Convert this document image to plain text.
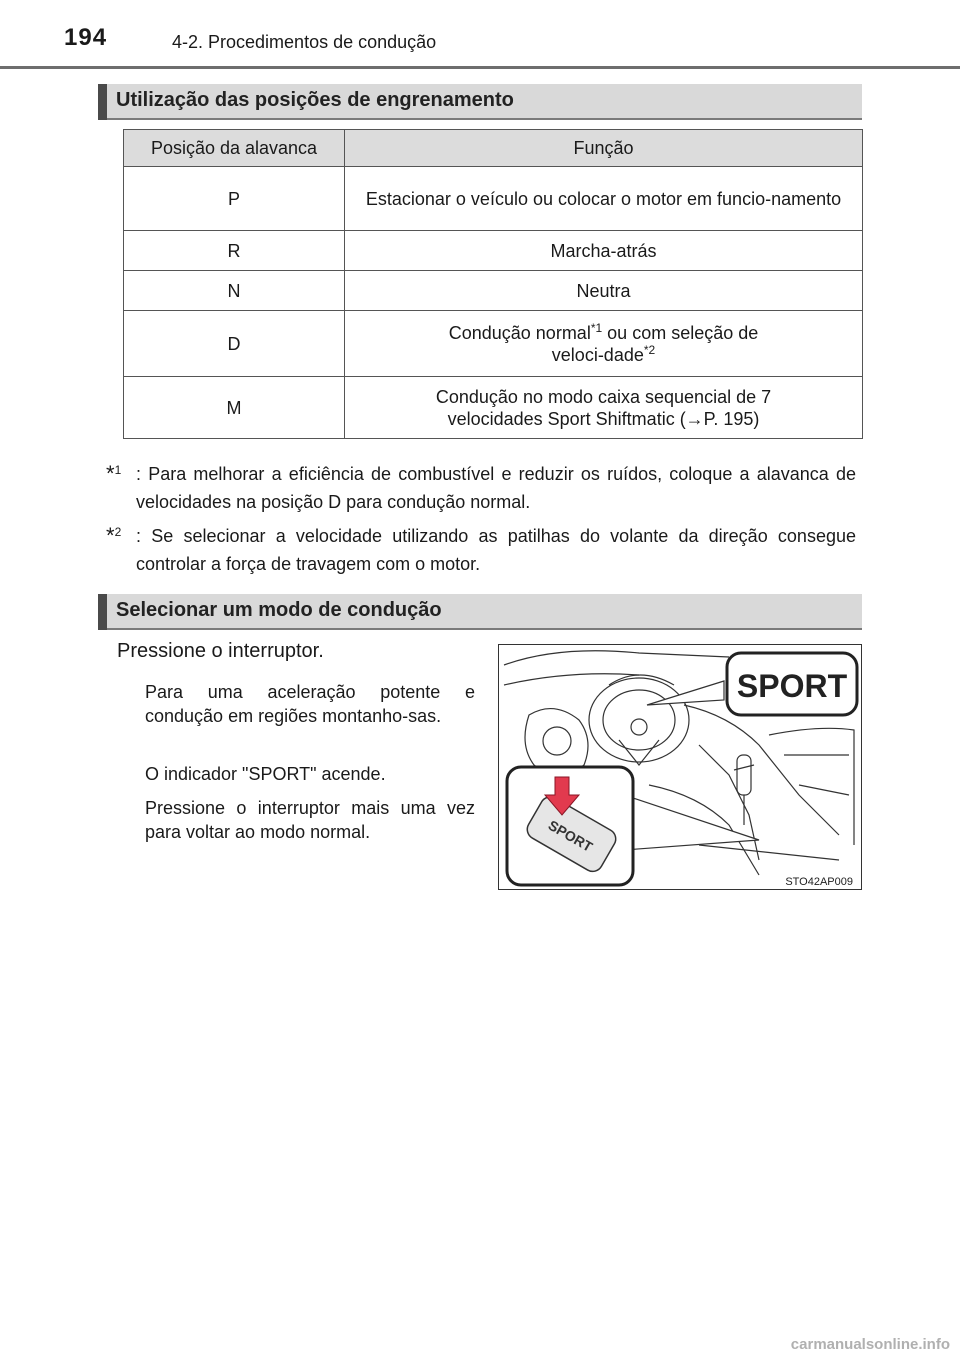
194	4-2. Procedimentos de condução
Utilização das posições de engrenamento
Posição da alavanca	Função
P	Estacionar o veículo ou colocar o motor em funcio-namento
R	Marcha-atrás
N	Neutra
D	Condução normal$^{*1}$ ou com seleção de veloci-dade$^{*2}$
M	Condução no modo caixa sequencial de 7 velocidades Sport Shiftmatic (→P. 195)
*$^1$ : Para melhorar a eficiência de combustível e reduzir os ruídos, coloque a alavanca de velocidades na posição D para condução normal.
*$^2$ : Se selecionar a velocidade utilizando as patilhas do volante da direção consegue controlar a força de travagem com o motor.
Selecionar um modo de condução
Pressione o interruptor.
Para uma aceleração potente e condução em regiões montanho-sas.
O indicador "SPORT" acende.
Pressione o interruptor mais uma vez para voltar ao modo normal.
SPORT
SPORT
STO42AP009
carmanualsonline.info
